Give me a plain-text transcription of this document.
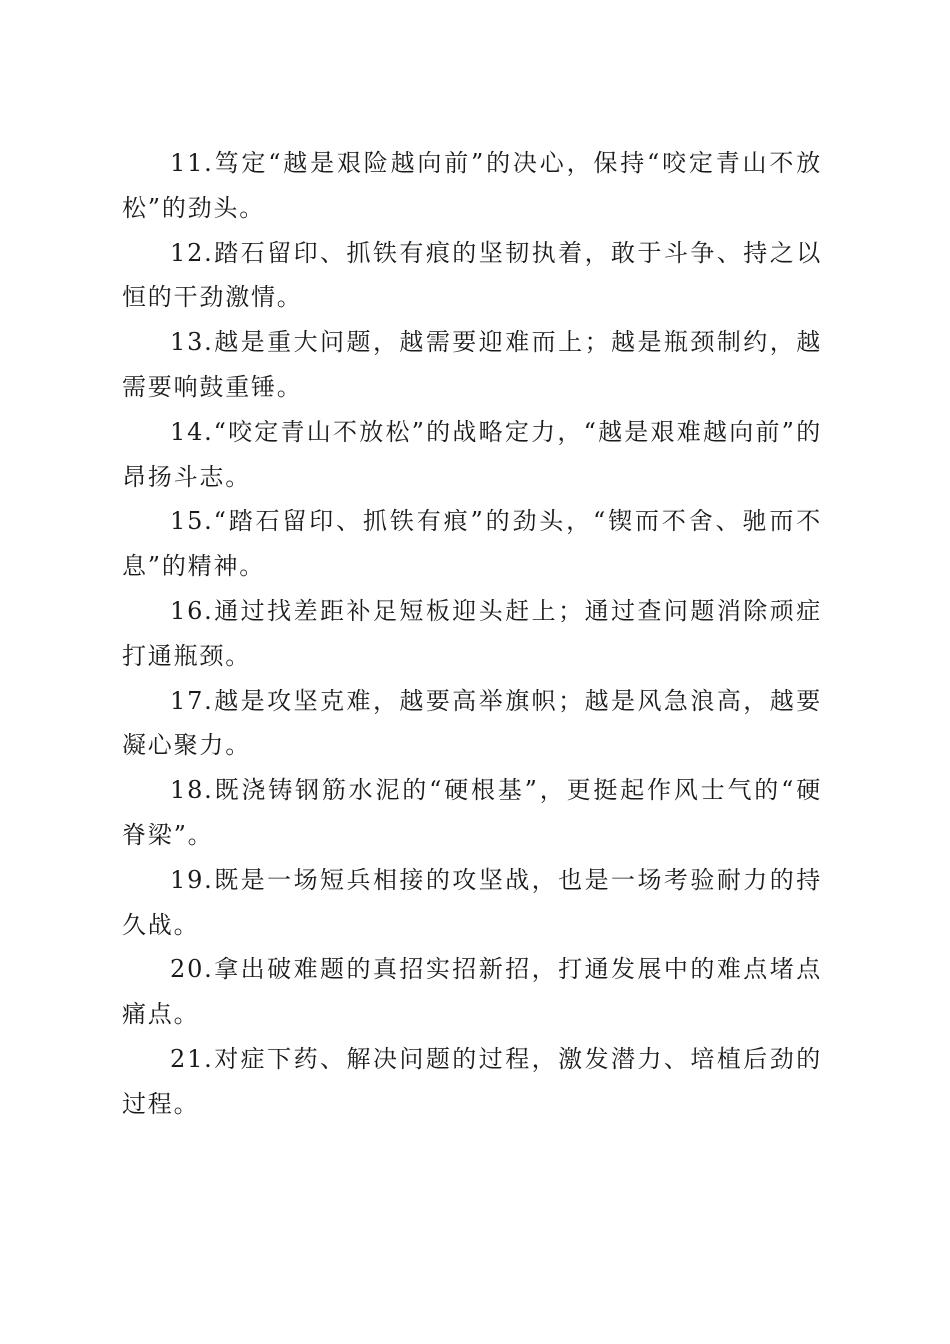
11.笃定“越是艰险越向前”的决心，保持“咬定青山不放松”的劲头。

12.踏石留印、抓铁有痕的坚韧执着，敢于斗争、持之以恒的干劲激情。

13.越是重大问题，越需要迎难而上；越是瓶颈制约，越需要响鼓重锤。

14.“咬定青山不放松”的战略定力，“越是艰难越向前”的昂扬斗志。

15.“踏石留印、抓铁有痕”的劲头，“锲而不舍、驰而不息”的精神。

16.通过找差距补足短板迎头赶上；通过查问题消除顽症打通瓶颈。

17.越是攻坚克难，越要高举旗帜；越是风急浪高，越要凝心聚力。

18.既浇铸钢筋水泥的“硬根基”，更挺起作风士气的“硬脊梁”。

19.既是一场短兵相接的攻坚战，也是一场考验耐力的持久战。

20.拿出破难题的真招实招新招，打通发展中的难点堵点痛点。

21.对症下药、解决问题的过程，激发潜力、培植后劲的过程。
